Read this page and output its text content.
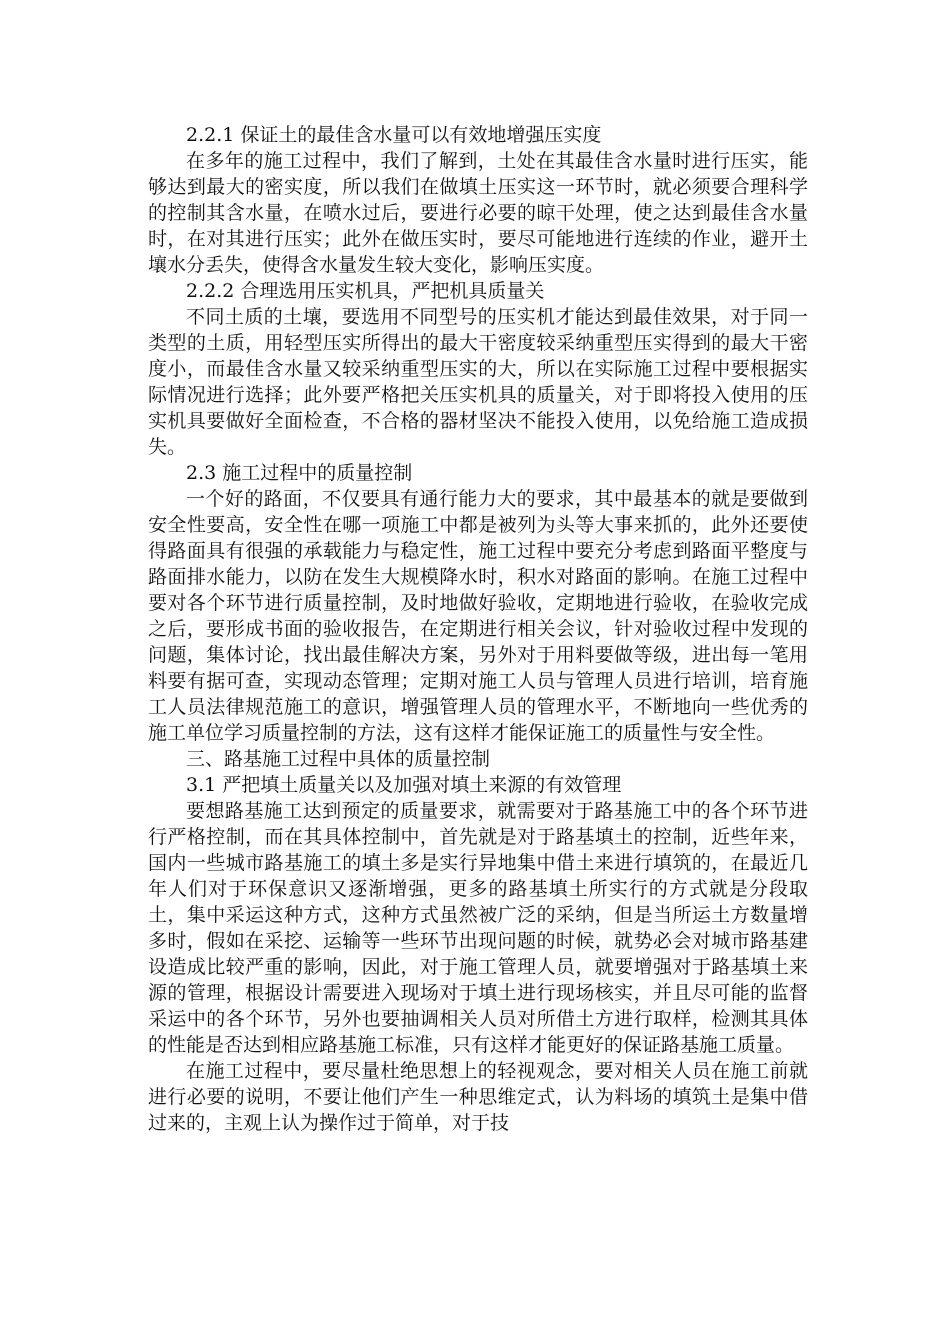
2.2.1 保证土的最佳含水量可以有效地增强压实度

在多年的施工过程中，我们了解到，土处在其最佳含水量时进行压实，能够达到最大的密实度，所以我们在做填土压实这一环节时，就必须要合理科学的控制其含水量，在喷水过后，要进行必要的晾干处理，使之达到最佳含水量时，在对其进行压实；此外在做压实时，要尽可能地进行连续的作业，避开土壤水分丢失，使得含水量发生较大变化，影响压实度。

2.2.2 合理选用压实机具，严把机具质量关

不同土质的土壤，要选用不同型号的压实机才能达到最佳效果，对于同一类型的土质，用轻型压实所得出的最大干密度较采纳重型压实得到的最大干密度小，而最佳含水量又较采纳重型压实的大，所以在实际施工过程中要根据实际情况进行选择；此外要严格把关压实机具的质量关，对于即将投入使用的压实机具要做好全面检查，不合格的器材坚决不能投入使用，以免给施工造成损失。

2.3 施工过程中的质量控制

一个好的路面，不仅要具有通行能力大的要求，其中最基本的就是要做到安全性要高，安全性在哪一项施工中都是被列为头等大事来抓的，此外还要使得路面具有很强的承载能力与稳定性，施工过程中要充分考虑到路面平整度与路面排水能力，以防在发生大规模降水时，积水对路面的影响。在施工过程中要对各个环节进行质量控制，及时地做好验收，定期地进行验收，在验收完成之后，要形成书面的验收报告，在定期进行相关会议，针对验收过程中发现的问题，集体讨论，找出最佳解决方案，另外对于用料要做等级，进出每一笔用料要有据可查，实现动态管理；定期对施工人员与管理人员进行培训，培育施工人员法律规范施工的意识，增强管理人员的管理水平，不断地向一些优秀的施工单位学习质量控制的方法，这有这样才能保证施工的质量性与安全性。

三、路基施工过程中具体的质量控制

3.1 严把填土质量关以及加强对填土来源的有效管理

要想路基施工达到预定的质量要求，就需要对于路基施工中的各个环节进行严格控制，而在其具体控制中，首先就是对于路基填土的控制，近些年来，国内一些城市路基施工的填土多是实行异地集中借土来进行填筑的，在最近几年人们对于环保意识又逐渐增强，更多的路基填土所实行的方式就是分段取土，集中采运这种方式，这种方式虽然被广泛的采纳，但是当所运土方数量增多时，假如在采挖、运输等一些环节出现问题的时候，就势必会对城市路基建设造成比较严重的影响，因此，对于施工管理人员，就要增强对于路基填土来源的管理，根据设计需要进入现场对于填土进行现场核实，并且尽可能的监督采运中的各个环节，另外也要抽调相关人员对所借土方进行取样，检测其具体的性能是否达到相应路基施工标准，只有这样才能更好的保证路基施工质量。

在施工过程中，要尽量杜绝思想上的轻视观念，要对相关人员在施工前就进行必要的说明，不要让他们产生一种思维定式，认为料场的填筑土是集中借过来的，主观上认为操作过于简单，对于技
